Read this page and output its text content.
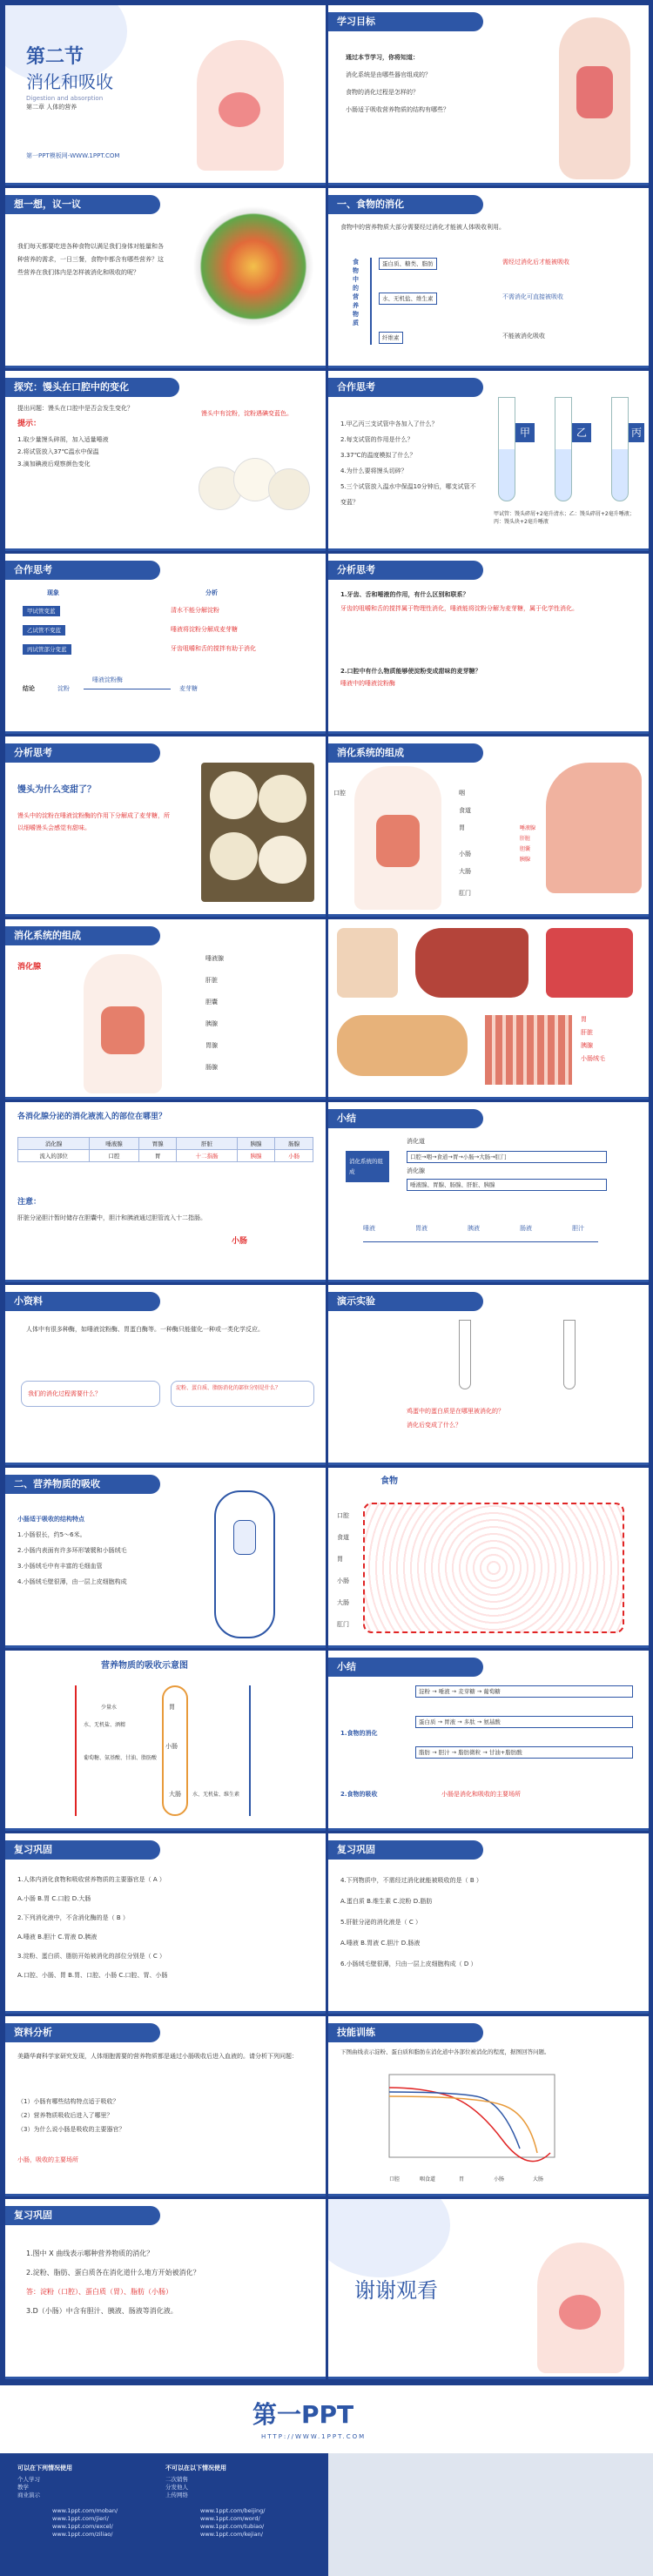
第二节
消化和吸收
Digestion and absorption
第二章 人体的营养
第一PPT模板网-WWW.1PPT.COM
学习目标
通过本节学习，你将知道：
消化系统是由哪些器官组成的？
食物的消化过程是怎样的？
小肠适于吸收营养物质的结构有哪些？
想一想，议一议
我们每天都要吃进各种食物以满足我们身体对能量和各种营养的需求，一日三餐，食物中都含有哪些营养？这些营养在我们体内是怎样被消化和吸收的呢？
一、食物的消化
食物中的营养物质大部分需要经过消化才能被人体吸收利用。
食物中的营养物质
蛋白质、糖类、脂肪	需经过消化后才能被吸收
水、无机盐、维生素	不需消化可直接被吸收
纤维素	不能被消化吸收
探究：馒头在口腔中的变化
提出问题：馒头在口腔中是否会发生变化？
提示：
1.取少量馒头碎屑，加入适量唾液
2.将试管放入37℃温水中保温
3.滴加碘液后观察颜色变化
馒头中有淀粉，淀粉遇碘变蓝色。
合作思考
1.甲乙丙三支试管中各加入了什么？
2.每支试管的作用是什么？
3.37℃的温度模拟了什么？
4.为什么要将馒头切碎？
5.三个试管放入温水中保温10分钟后，哪支试管不变蓝？
甲	乙	丙
甲试管：馒头碎屑+2毫升清水；乙：馒头碎屑+2毫升唾液；丙：馒头块+2毫升唾液
合作思考
现象	分析
甲试管变蓝	清水不能分解淀粉
乙试管不变蓝	唾液将淀粉分解成麦芽糖
丙试管部分变蓝	牙齿咀嚼和舌的搅拌有助于消化
结论	淀粉
唾液淀粉酶
麦芽糖
分析思考
1.牙齿、舌和唾液的作用，有什么区别和联系？
牙齿的咀嚼和舌的搅拌属于物理性消化，唾液能将淀粉分解为麦芽糖，属于化学性消化。
2.口腔中有什么物质能够使淀粉变成甜味的麦芽糖？
唾液中的唾液淀粉酶
分析思考
馒头为什么变甜了？
馒头中的淀粉在唾液淀粉酶的作用下分解成了麦芽糖，所以细嚼馒头会感觉有甜味。
消化系统的组成
口腔	咽
食道
胃
小肠
大肠
肛门
唾液腺
肝脏
胆囊
胰腺
消化系统的组成
消化腺
唾液腺
肝脏
胆囊
胰腺
胃腺
肠腺
胃
肝脏
胰腺
小肠绒毛
各消化腺分泌的消化液流入的部位在哪里？
消化腺	唾液腺	胃腺	肝脏	胰腺	肠腺
流入的部位	口腔	胃	十二指肠	胰腺	小肠
注意：
肝脏分泌胆汁暂时储存在胆囊中，胆汁和胰液通过胆管流入十二指肠。
小肠
小结
消化系统的组成
消化道
口腔→咽→食道→胃→小肠→大肠→肛门
消化腺
唾液腺、胃腺、肠腺、肝脏、胰腺
唾液	胃液	胰液	肠液	胆汁
小资料
人体中有很多种酶，如唾液淀粉酶、胃蛋白酶等。一种酶只能催化一种或一类化学反应。
我们的消化过程需要什么？
淀粉、蛋白质、脂肪消化的部位分别是什么？
演示实验
鸡蛋中的蛋白质是在哪里被消化的？
消化后变成了什么？
二、营养物质的吸收
小肠适于吸收的结构特点
1.小肠很长，约5～6米。
2.小肠内表面有许多环形皱襞和小肠绒毛
3.小肠绒毛中有丰富的毛细血管
4.小肠绒毛壁很薄，由一层上皮细胞构成
食物
口腔
食道
胃
小肠
大肠
肛门
营养物质的吸收示意图
胃
小肠
大肠
少量水
水、无机盐、酒精
葡萄糖、氨基酸、甘油、脂肪酸
水、无机盐、维生素
小结
1.食物的消化
淀粉 → 唾液 → 麦芽糖 → 葡萄糖
蛋白质 → 胃液 → 多肽 → 氨基酸
脂肪 → 胆汁 → 脂肪微粒 → 甘油+脂肪酸
2.食物的吸收	小肠是消化和吸收的主要场所
复习巩固
1.人体内消化食物和吸收营养物质的主要器官是（ A ）
A.小肠 B.胃 C.口腔 D.大肠
2.下列消化液中，不含消化酶的是（ B ）
A.唾液 B.胆汁 C.胃液 D.胰液
3.淀粉、蛋白质、脂肪开始被消化的部位分别是（ C ）
A.口腔、小肠、胃 B.胃、口腔、小肠 C.口腔、胃、小肠
复习巩固
4.下列物质中，不需经过消化就能被吸收的是（ B ）
A.蛋白质 B.维生素 C.淀粉 D.脂肪
5.肝脏分泌的消化液是（ C ）
A.唾液 B.胃液 C.胆汁 D.肠液
6.小肠绒毛壁很薄，只由一层上皮细胞构成（ D ）
资料分析
美籍华裔科学家研究发现，人体细胞需要的营养物质都是通过小肠吸收后进入血液的。请分析下列问题：
（1）小肠有哪些结构特点适于吸收？
（2）营养物质吸收后进入了哪里？
（3）为什么说小肠是吸收的主要器官？
小肠，吸收的主要场所
技能训练
下图曲线表示淀粉、蛋白质和脂肪在消化道中各部位被消化的程度，据图回答问题。
口腔	咽食道	胃	小肠	大肠
复习巩固
1.图中 X 曲线表示哪种营养物质的消化？
2.淀粉、脂肪、蛋白质各在消化道什么地方开始被消化？
答：淀粉（口腔）、蛋白质（胃）、脂肪（小肠）
3.D（小肠）中含有胆汁、胰液、肠液等消化液。
谢谢观看
第一PPT
HTTP://WWW.1PPT.COM
可以在下列情况使用	不可以在以下情况使用
个人学习
教学
商业演示
二次销售
分发他人
上传网络
www.1ppt.com/moban/
www.1ppt.com/jieri/
www.1ppt.com/excel/
www.1ppt.com/ziliao/
www.1ppt.com/beijing/
www.1ppt.com/word/
www.1ppt.com/tubiao/
www.1ppt.com/kejian/
